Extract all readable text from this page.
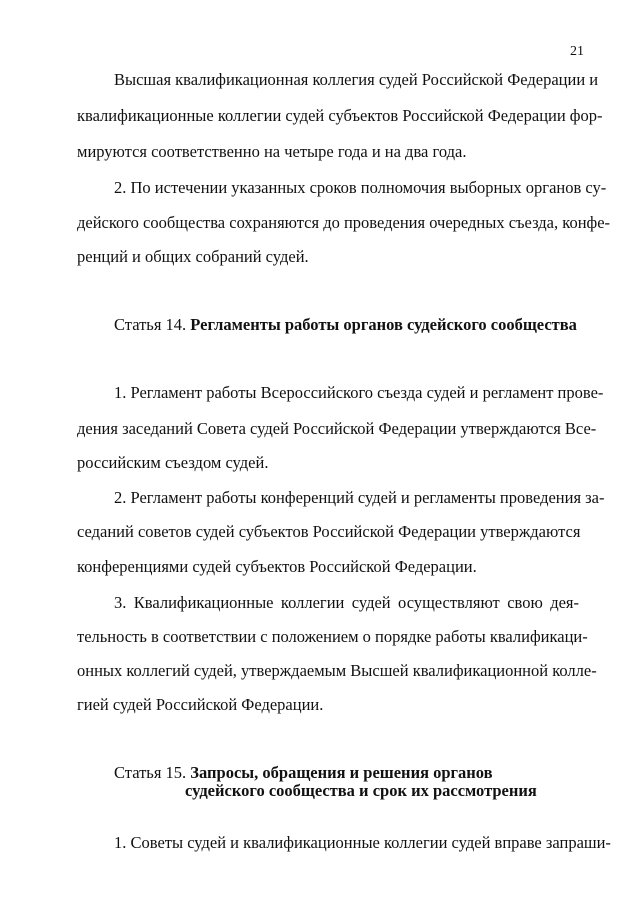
21
Высшая квалификационная коллегия судей Российской Федерации и
квалификационные коллегии судей субъектов Российской Федерации фор-
мируются соответственно на четыре года и на два года.
2. По истечении указанных сроков полномочия выборных органов су-
дейского сообщества сохраняются до проведения очередных съезда, конфе-
ренций и общих собраний судей.
Статья 14. Регламенты работы органов судейского сообщества
1. Регламент работы Всероссийского съезда судей и регламент прове-
дения заседаний Совета судей Российской Федерации утверждаются Все-
российским съездом судей.
2. Регламент работы конференций судей и регламенты проведения за-
седаний советов судей субъектов Российской Федерации утверждаются
конференциями судей субъектов Российской Федерации.
3. Квалификационные коллегии судей осуществляют свою дея-
тельность в соответствии с положением о порядке работы квалификаци-
онных коллегий судей, утверждаемым Высшей квалификационной колле-
гией судей Российской Федерации.
Статья 15. Запросы, обращения и решения органов
судейского сообщества и срок их рассмотрения
1. Советы судей и квалификационные коллегии судей вправе запраши-
